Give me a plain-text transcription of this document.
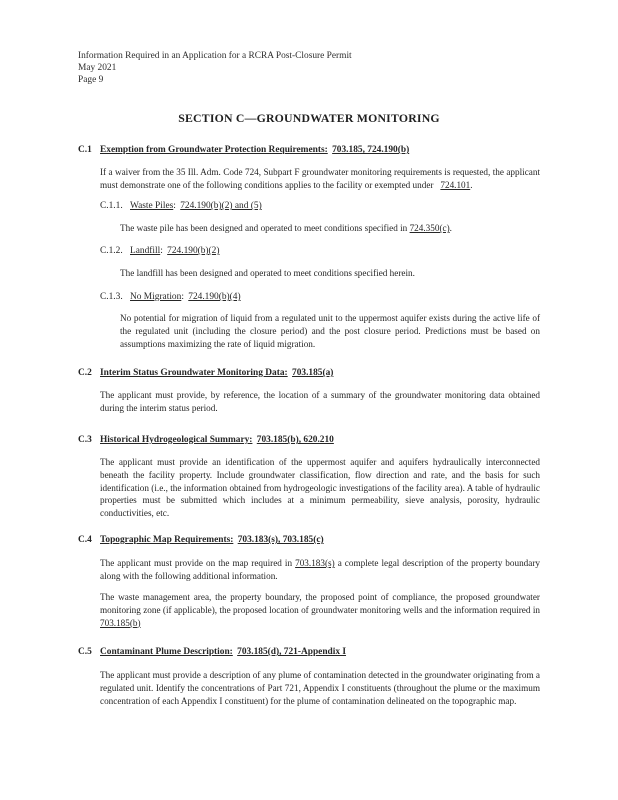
Information Required in an Application for a RCRA Post-Closure Permit
May 2021
Page 9
SECTION C—GROUNDWATER MONITORING
C.1 Exemption from Groundwater Protection Requirements: 703.185, 724.190(b)
If a waiver from the 35 Ill. Adm. Code 724, Subpart F groundwater monitoring requirements is requested, the applicant must demonstrate one of the following conditions applies to the facility or exempted under 724.101.
C.1.1. Waste Piles: 724.190(b)(2) and (5)
The waste pile has been designed and operated to meet conditions specified in 724.350(c).
C.1.2. Landfill: 724.190(b)(2)
The landfill has been designed and operated to meet conditions specified herein.
C.1.3. No Migration: 724.190(b)(4)
No potential for migration of liquid from a regulated unit to the uppermost aquifer exists during the active life of the regulated unit (including the closure period) and the post closure period. Predictions must be based on assumptions maximizing the rate of liquid migration.
C.2 Interim Status Groundwater Monitoring Data: 703.185(a)
The applicant must provide, by reference, the location of a summary of the groundwater monitoring data obtained during the interim status period.
C.3 Historical Hydrogeological Summary: 703.185(b), 620.210
The applicant must provide an identification of the uppermost aquifer and aquifers hydraulically interconnected beneath the facility property. Include groundwater classification, flow direction and rate, and the basis for such identification (i.e., the information obtained from hydrogeologic investigations of the facility area). A table of hydraulic properties must be submitted which includes at a minimum permeability, sieve analysis, porosity, hydraulic conductivities, etc.
C.4 Topographic Map Requirements: 703.183(s), 703.185(c)
The applicant must provide on the map required in 703.183(s) a complete legal description of the property boundary along with the following additional information.
The waste management area, the property boundary, the proposed point of compliance, the proposed groundwater monitoring zone (if applicable), the proposed location of groundwater monitoring wells and the information required in 703.185(b)
C.5 Contaminant Plume Description: 703.185(d), 721-Appendix I
The applicant must provide a description of any plume of contamination detected in the groundwater originating from a regulated unit. Identify the concentrations of Part 721, Appendix I constituents (throughout the plume or the maximum concentration of each Appendix I constituent) for the plume of contamination delineated on the topographic map.
